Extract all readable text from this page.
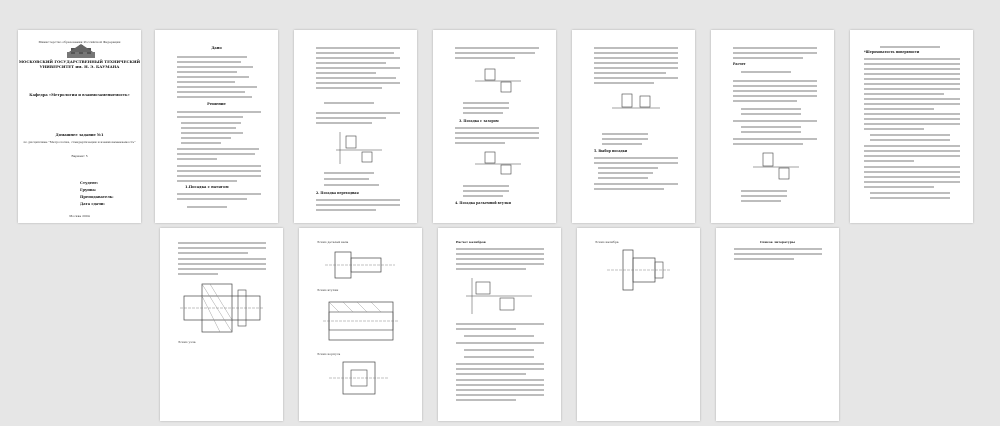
Министерство образования Российской Федерации
МОСКОВСКИЙ ГОСУДАРСТВЕННЫЙ ТЕХНИЧЕСКИЙ
УНИВЕРСИТЕТ им. Н. Э. БАУМАНА
Кафедра «Метрология и взаимозаменяемость»
Домашнее задание №1
по дисциплине "Метрология, стандартизация и взаимозаменяемость"
Вариант 5
Студент:
Группа:
Преподаватель:
Дата сдачи:
Москва 2004
Дано
Решение
1.Посадка с натягом
2. Посадка переходная
3. Посадка с зазором
4. Посадка разъемной втулки
5. Выбор посадки
Расчет
*Шероховатость поверхности
Эскиз узла
Эскиз деталей вала
Эскиз втулки
Эскиз корпуса
Расчет калибров	Эскиз калибра	Список литературы
